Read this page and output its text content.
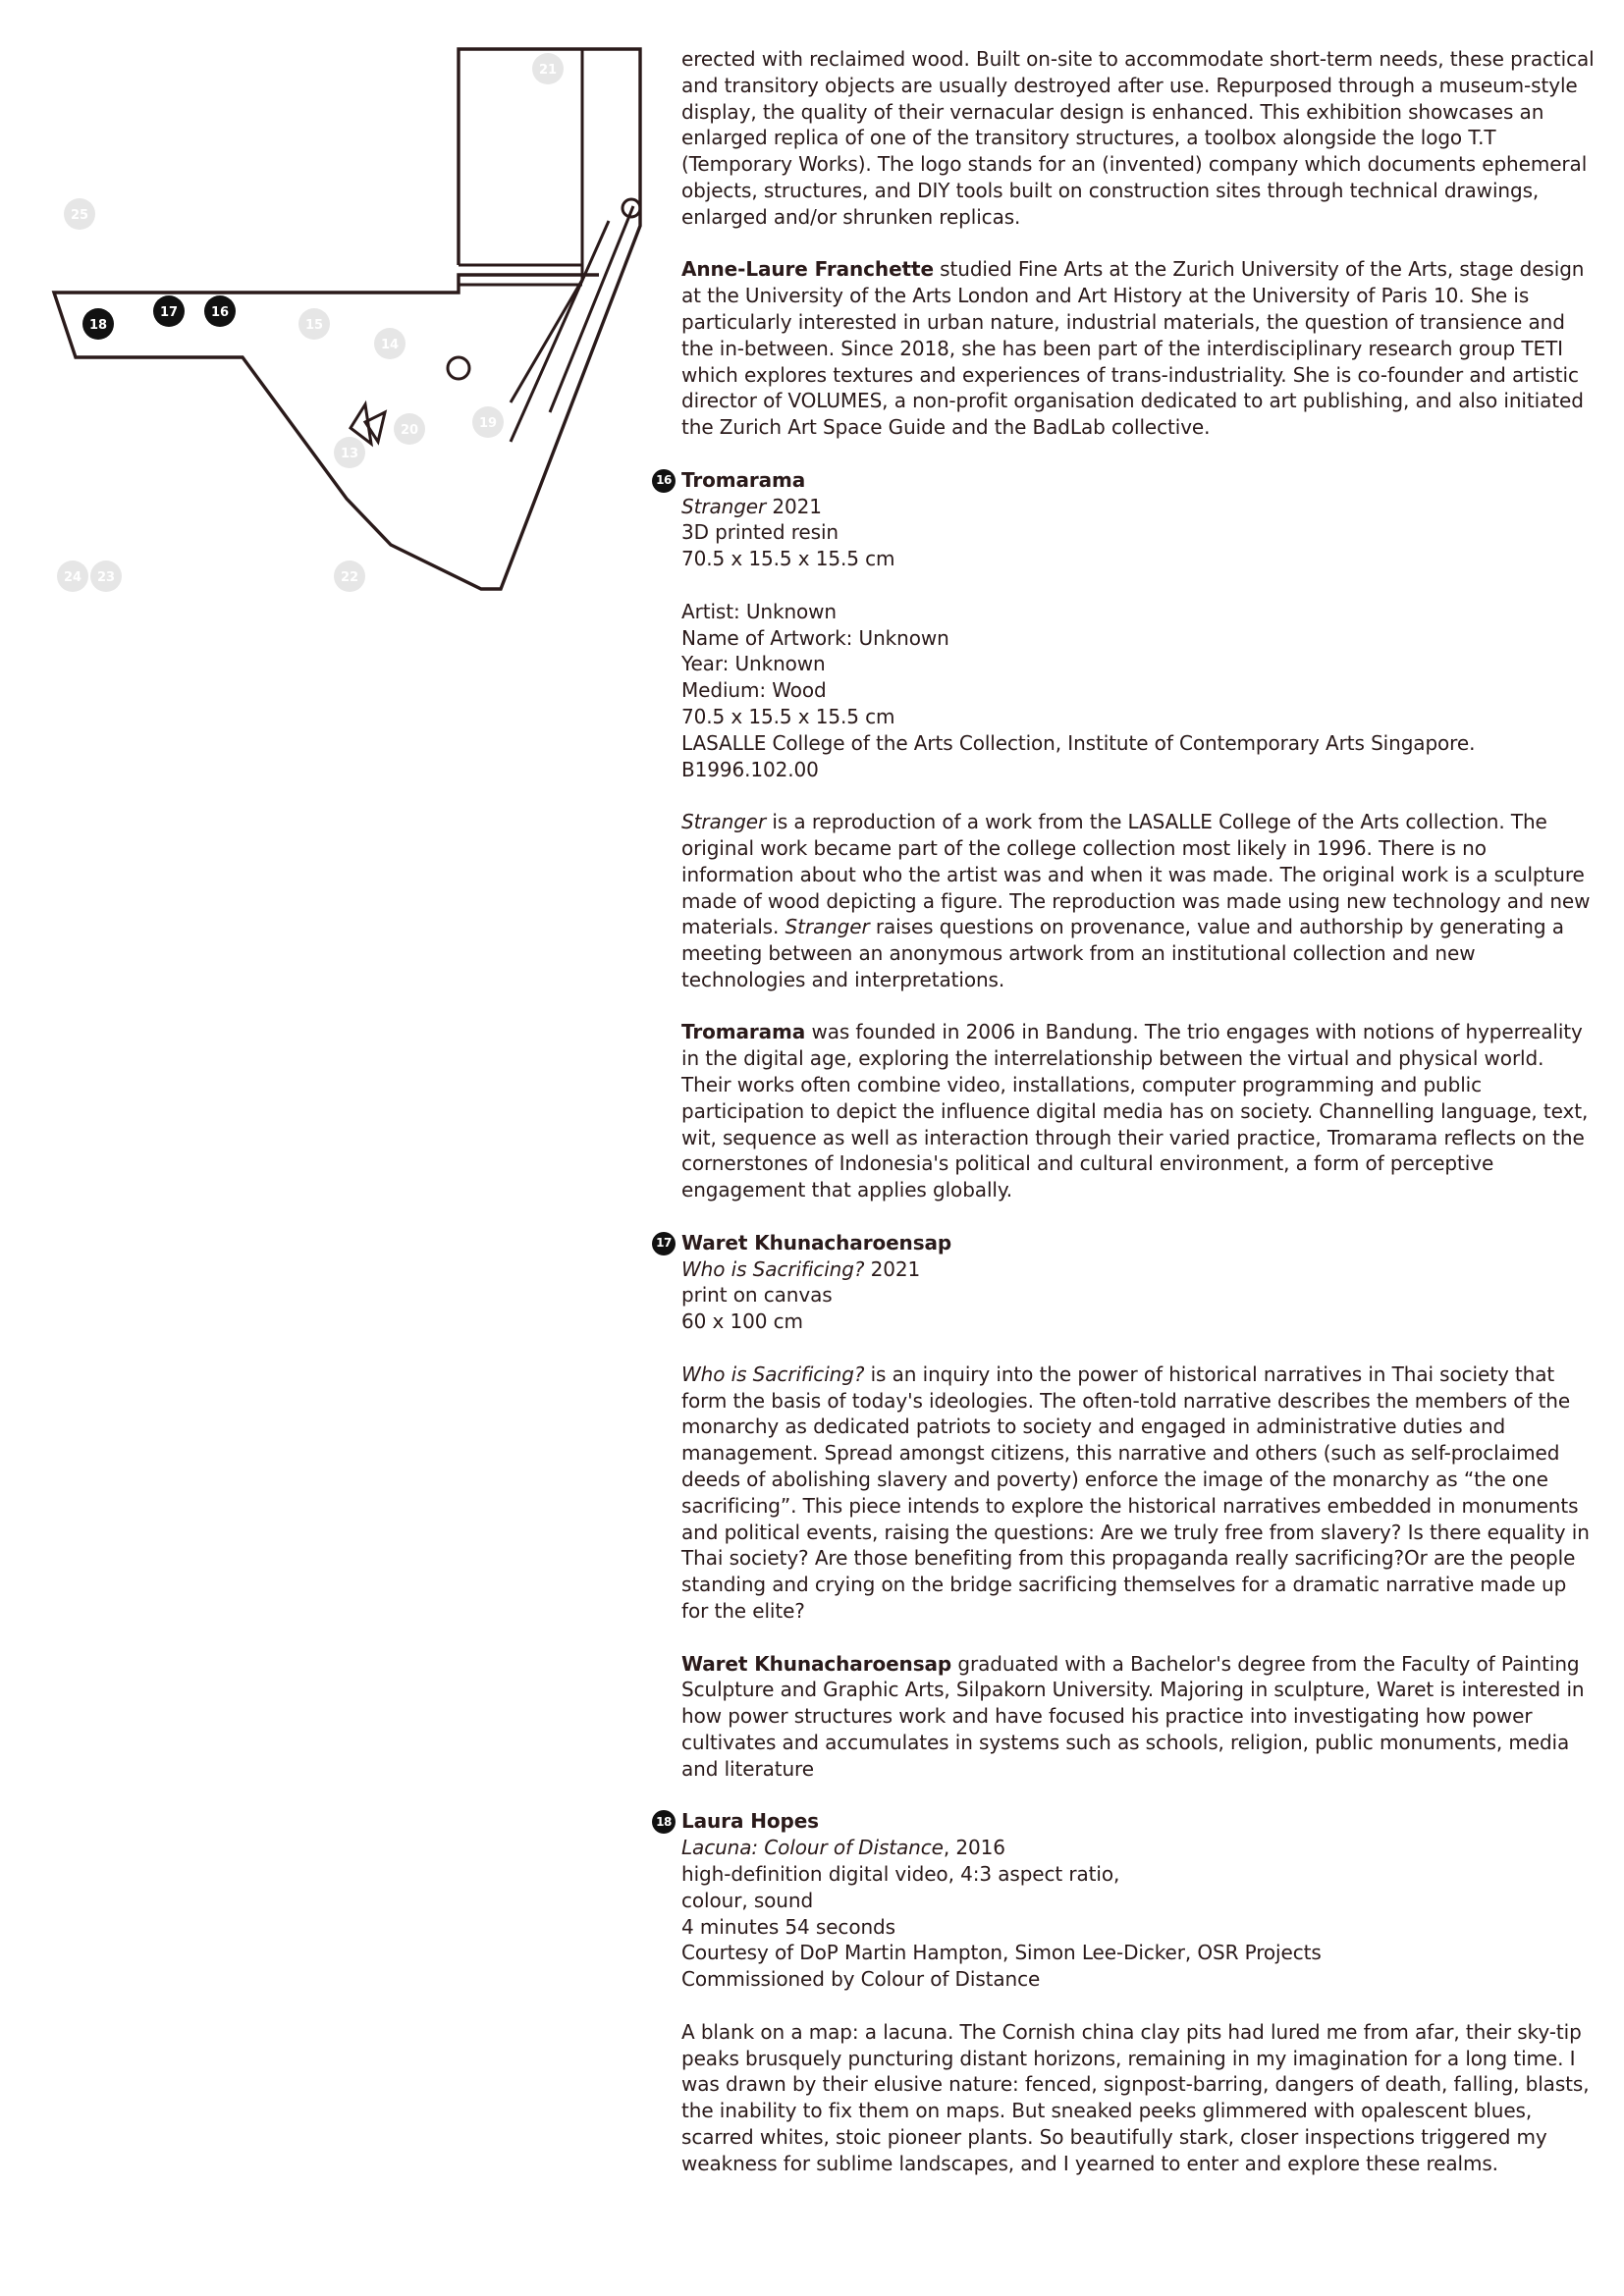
21
25
15
14
19
20
13
24 23	22
18
17	16

erected with reclaimed wood. Built on-site to accommodate short-term needs, these practical and transitory objects are usually destroyed after use. Repurposed through a museum-style display, the quality of their vernacular design is enhanced. This exhibition showcases an enlarged replica of one of the transitory structures, a toolbox alongside the logo T.T (Temporary Works). The logo stands for an (invented) company which documents ephemeral objects, structures, and DIY tools built on construction sites through technical drawings, enlarged and/or shrunken replicas.

Anne-Laure Franchette studied Fine Arts at the Zurich University of the Arts, stage design at the University of the Arts London and Art History at the University of Paris 10. She is particularly interested in urban nature, industrial materials, the question of transience and the in-between. Since 2018, she has been part of the interdisciplinary research group TETI which explores textures and experiences of trans-industriality. She is co-founder and artistic director of VOLUMES, a non-profit organisation dedicated to art publishing, and also initiated the Zurich Art Space Guide and the BadLab collective.

16 Tromarama

Stranger 2021

3D printed resin

70.5 x 15.5 x 15.5 cm

Artist: Unknown

Name of Artwork: Unknown

Year: Unknown

Medium: Wood

70.5 x 15.5 x 15.5 cm

LASALLE College of the Arts Collection, Institute of Contemporary Arts Singapore.

B1996.102.00

Stranger is a reproduction of a work from the LASALLE College of the Arts collection. The original work became part of the college collection most likely in 1996. There is no information about who the artist was and when it was made. The original work is a sculpture made of wood depicting a figure. The reproduction was made using new technology and new materials. Stranger raises questions on provenance, value and authorship by generating a meeting between an anonymous artwork from an institutional collection and new technologies and interpretations.

Tromarama was founded in 2006 in Bandung. The trio engages with notions of hyperreality in the digital age, exploring the interrelationship between the virtual and physical world. Their works often combine video, installations, computer programming and public participation to depict the influence digital media has on society. Channelling language, text, wit, sequence as well as interaction through their varied practice, Tromarama reflects on the cornerstones of Indonesia's political and cultural environment, a form of perceptive engagement that applies globally.

17 Waret Khunacharoensap

Who is Sacrificing? 2021

print on canvas

60 x 100 cm

Who is Sacrificing? is an inquiry into the power of historical narratives in Thai society that form the basis of today's ideologies. The often-told narrative describes the members of the monarchy as dedicated patriots to society and engaged in administrative duties and management. Spread amongst citizens, this narrative and others (such as self-proclaimed deeds of abolishing slavery and poverty) enforce the image of the monarchy as “the one sacrificing”. This piece intends to explore the historical narratives embedded in monuments and political events, raising the questions: Are we truly free from slavery? Is there equality in Thai society? Are those benefiting from this propaganda really sacrificing?Or are the people standing and crying on the bridge sacrificing themselves for a dramatic narrative made up for the elite?

Waret Khunacharoensap graduated with a Bachelor's degree from the Faculty of Painting Sculpture and Graphic Arts, Silpakorn University. Majoring in sculpture, Waret is interested in how power structures work and have focused his practice into investigating how power cultivates and accumulates in systems such as schools, religion, public monuments, media and literature

18 Laura Hopes

Lacuna: Colour of Distance, 2016

high-definition digital video, 4:3 aspect ratio,

colour, sound

4 minutes 54 seconds

Courtesy of DoP Martin Hampton, Simon Lee-Dicker, OSR Projects

Commissioned by Colour of Distance

A blank on a map: a lacuna. The Cornish china clay pits had lured me from afar, their sky-tip peaks brusquely puncturing distant horizons, remaining in my imagination for a long time. I was drawn by their elusive nature: fenced, signpost-barring, dangers of death, falling, blasts, the inability to fix them on maps. But sneaked peeks glimmered with opalescent blues, scarred whites, stoic pioneer plants. So beautifully stark, closer inspections triggered my weakness for sublime landscapes, and I yearned to enter and explore these realms.
